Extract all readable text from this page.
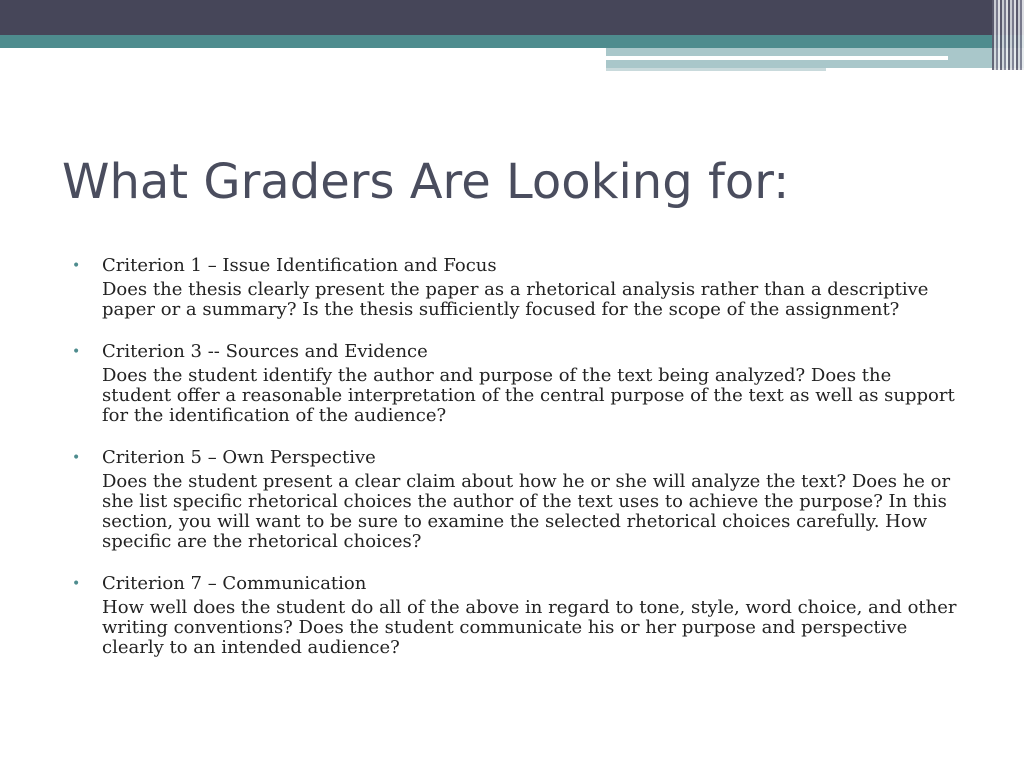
What Graders Are Looking for:
• Criterion 1 – Issue Identification and Focus
Does the thesis clearly present the paper as a rhetorical analysis rather than a descriptive paper or a summary? Is the thesis sufficiently focused for the scope of the assignment?
• Criterion 3 -- Sources and Evidence
Does the student identify the author and purpose of the text being analyzed? Does the student offer a reasonable interpretation of the central purpose of the text as well as support for the identification of the audience?
• Criterion 5 – Own Perspective
Does the student present a clear claim about how he or she will analyze the text? Does he or she list specific rhetorical choices the author of the text uses to achieve the purpose? In this section, you will want to be sure to examine the selected rhetorical choices carefully. How specific are the rhetorical choices?
• Criterion 7 – Communication
How well does the student do all of the above in regard to tone, style, word choice, and other writing conventions? Does the student communicate his or her purpose and perspective clearly to an intended audience?
